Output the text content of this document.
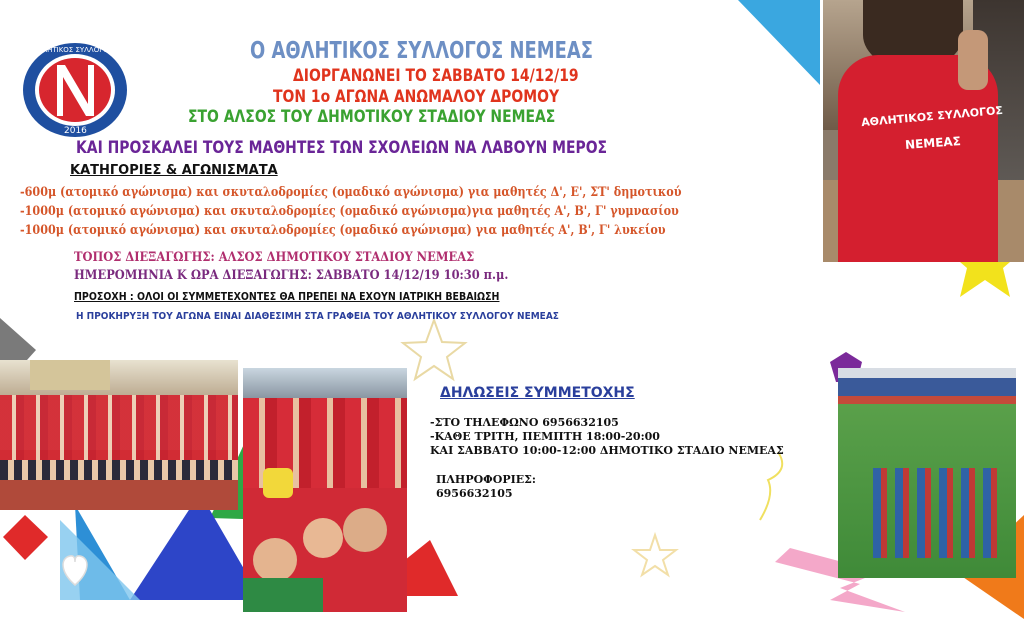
ΑΘΛΗΤΙΚΟΣ ΣΥΛΛΟΓΟΣ ΝΕΜΕΑΣ
2016
Ο ΑΘΛΗΤΙΚΟΣ ΣΥΛΛΟΓΟΣ ΝΕΜΕΑΣ
ΔΙΟΡΓΑΝΩΝΕΙ ΤΟ ΣΑΒΒΑΤΟ 14/12/19
ΤΟΝ 1ο ΑΓΩΝΑ ΑΝΩΜΑΛΟΥ ΔΡΟΜΟΥ
ΣΤΟ ΑΛΣΟΣ ΤΟΥ ΔΗΜΟΤΙΚΟΥ ΣΤΑΔΙΟΥ ΝΕΜΕΑΣ
ΚΑΙ ΠΡΟΣΚΑΛΕΙ ΤΟΥΣ ΜΑΘΗΤΕΣ ΤΩΝ ΣΧΟΛΕΙΩΝ ΝΑ ΛΑΒΟΥΝ ΜΕΡΟΣ
ΚΑΤΗΓΟΡΙΕΣ & ΑΓΩΝΙΣΜΑΤΑ
-600μ (ατομικό αγώνισμα) και σκυταλοδρομίες (ομαδικό αγώνισμα) για μαθητές Δ', Ε', ΣΤ' δημοτικού
-1000μ (ατομικό αγώνισμα) και σκυταλοδρομίες (ομαδικό αγώνισμα)για μαθητές Α', Β', Γ' γυμνασίου
-1000μ (ατομικό αγώνισμα) και σκυταλοδρομίες (ομαδικό αγώνισμα) για μαθητές Α', Β', Γ' λυκείου
ΤΟΠΟΣ ΔΙΕΞΑΓΩΓΗΣ: ΑΛΣΟΣ ΔΗΜΟΤΙΚΟΥ ΣΤΑΔΙΟΥ ΝΕΜΕΑΣ
ΗΜΕΡΟΜΗΝΙΑ Κ ΩΡΑ ΔΙΕΞΑΓΩΓΗΣ: ΣΑΒΒΑΤΟ 14/12/19 10:30 π.μ.
ΠΡΟΣΟΧΗ : ΟΛΟΙ ΟΙ ΣΥΜΜΕΤΕΧΟΝΤΕΣ ΘΑ ΠΡΕΠΕΙ ΝΑ ΕΧΟΥΝ ΙΑΤΡΙΚΗ ΒΕΒΑΙΩΣΗ
Η ΠΡΟΚΗΡΥΞΗ ΤΟΥ ΑΓΩΝΑ ΕΙΝΑΙ ΔΙΑΘΕΣΙΜΗ ΣΤΑ ΓΡΑΦΕΙΑ ΤΟΥ ΑΘΛΗΤΙΚΟΥ ΣΥΛΛΟΓΟΥ ΝΕΜΕΑΣ
ΔΗΛΩΣΕΙΣ ΣΥΜΜΕΤΟΧΗΣ
-ΣΤΟ ΤΗΛΕΦΩΝΟ 6956632105
-ΚΑΘΕ ΤΡΙΤΗ, ΠΕΜΠΤΗ 18:00-20:00
ΚΑΙ ΣΑΒΒΑΤΟ 10:00-12:00 ΔΗΜΟΤΙΚΟ ΣΤΑΔΙΟ ΝΕΜΕΑΣ
ΠΛΗΡΟΦΟΡΙΕΣ:
6956632105
ΑΘΛΗΤΙΚΟΣ ΣΥΛΛΟΓΟΣ
ΝΕΜΕΑΣ
